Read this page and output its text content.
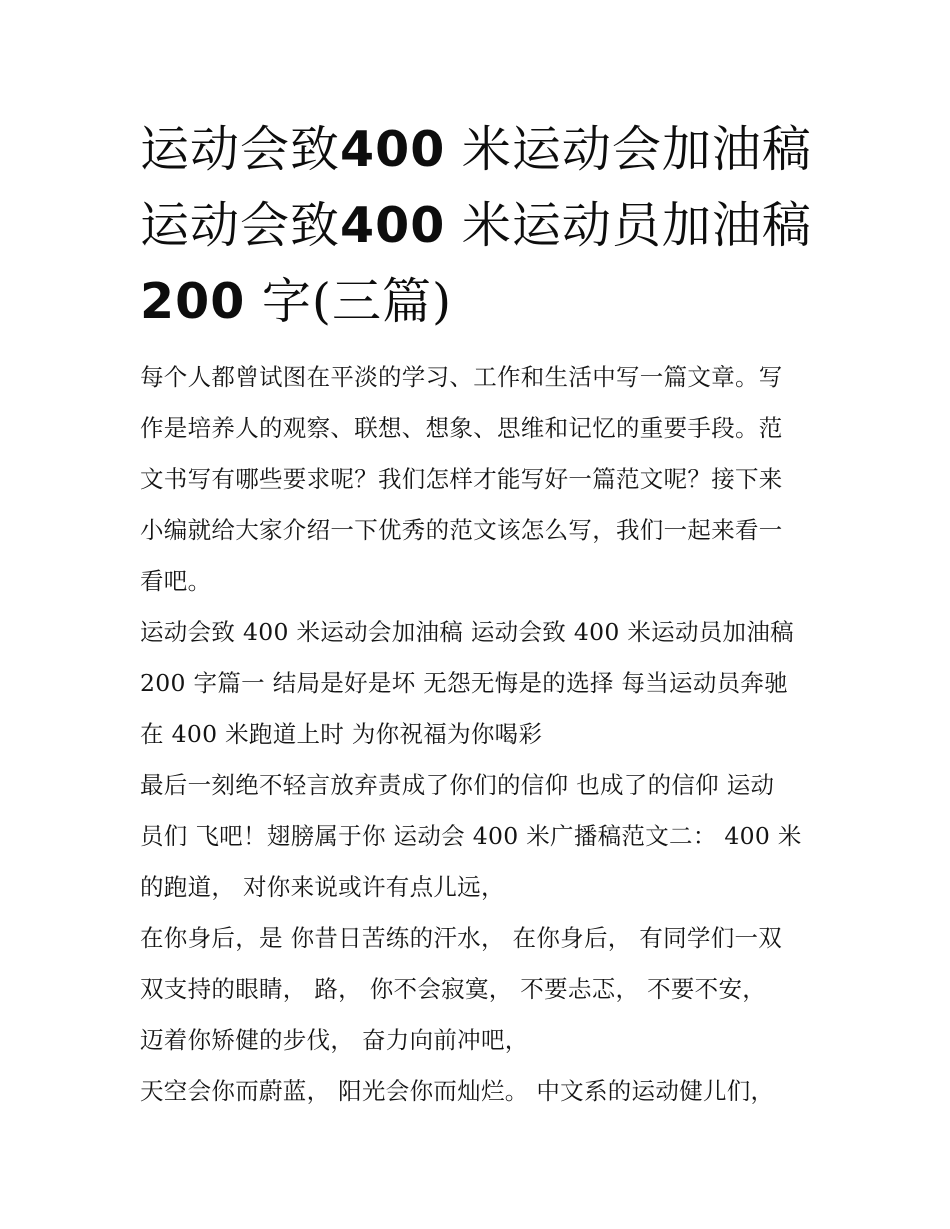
运动会致400 米运动会加油稿
运动会致400 米运动员加油稿
200 字(三篇)

每个人都曾试图在平淡的学习、工作和生活中写一篇文章。写
作是培养人的观察、联想、想象、思维和记忆的重要手段。范
文书写有哪些要求呢？我们怎样才能写好一篇范文呢？接下来
小编就给大家介绍一下优秀的范文该怎么写，我们一起来看一
看吧。

运动会致 400 米运动会加油稿 运动会致 400 米运动员加油稿
200 字篇一 结局是好是坏 无怨无悔是的选择 每当运动员奔驰
在 400 米跑道上时 为你祝福为你喝彩

最后一刻绝不轻言放弃责成了你们的信仰 也成了的信仰 运动
员们 飞吧！翅膀属于你 运动会 400 米广播稿范文二： 400 米
的跑道， 对你来说或许有点儿远，

在你身后，是 你昔日苦练的汗水， 在你身后， 有同学们一双
双支持的眼睛， 路， 你不会寂寞， 不要忐忑， 不要不安，
迈着你矫健的步伐， 奋力向前冲吧，

天空会你而蔚蓝， 阳光会你而灿烂。 中文系的运动健儿们，
